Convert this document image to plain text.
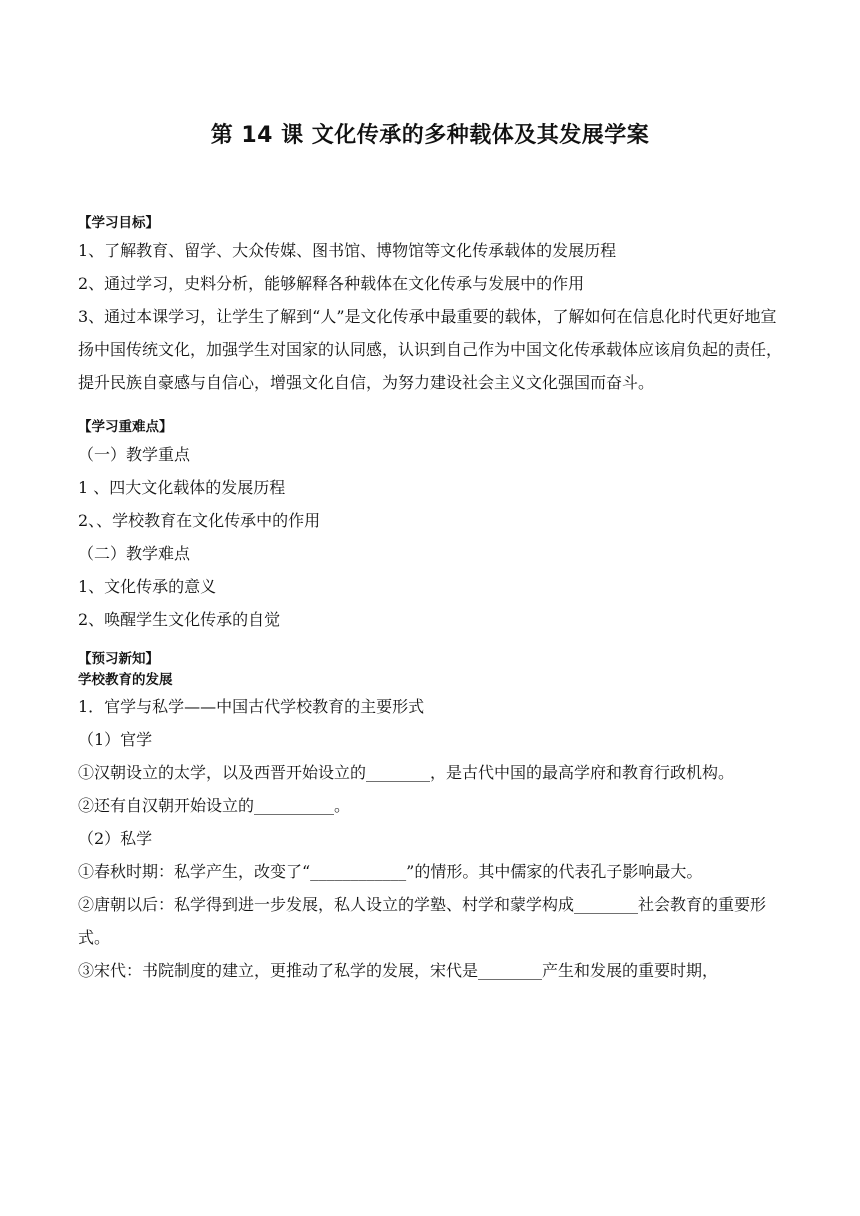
第 14 课 文化传承的多种载体及其发展学案
【学习目标】
1、了解教育、留学、大众传媒、图书馆、博物馆等文化传承载体的发展历程
2、通过学习，史料分析，能够解释各种载体在文化传承与发展中的作用
3、通过本课学习，让学生了解到“人”是文化传承中最重要的载体，了解如何在信息化时代更好地宣扬中国传统文化，加强学生对国家的认同感，认识到自己作为中国文化传承载体应该肩负起的责任，提升民族自豪感与自信心，增强文化自信，为努力建设社会主义文化强国而奋斗。
【学习重难点】
（一）教学重点
1 、四大文化载体的发展历程
2、、学校教育在文化传承中的作用
（二）教学难点
1、文化传承的意义
2、唤醒学生文化传承的自觉
【预习新知】
学校教育的发展
1．官学与私学——中国古代学校教育的主要形式
（1）官学
①汉朝设立的太学，以及西晋开始设立的________，是古代中国的最高学府和教育行政机构。
②还有自汉朝开始设立的__________。
（2）私学
①春秋时期：私学产生，改变了“____________”的情形。其中儒家的代表孔子影响最大。
②唐朝以后：私学得到进一步发展，私人设立的学塾、村学和蒙学构成________社会教育的重要形式。
③宋代：书院制度的建立，更推动了私学的发展，宋代是________产生和发展的重要时期，
